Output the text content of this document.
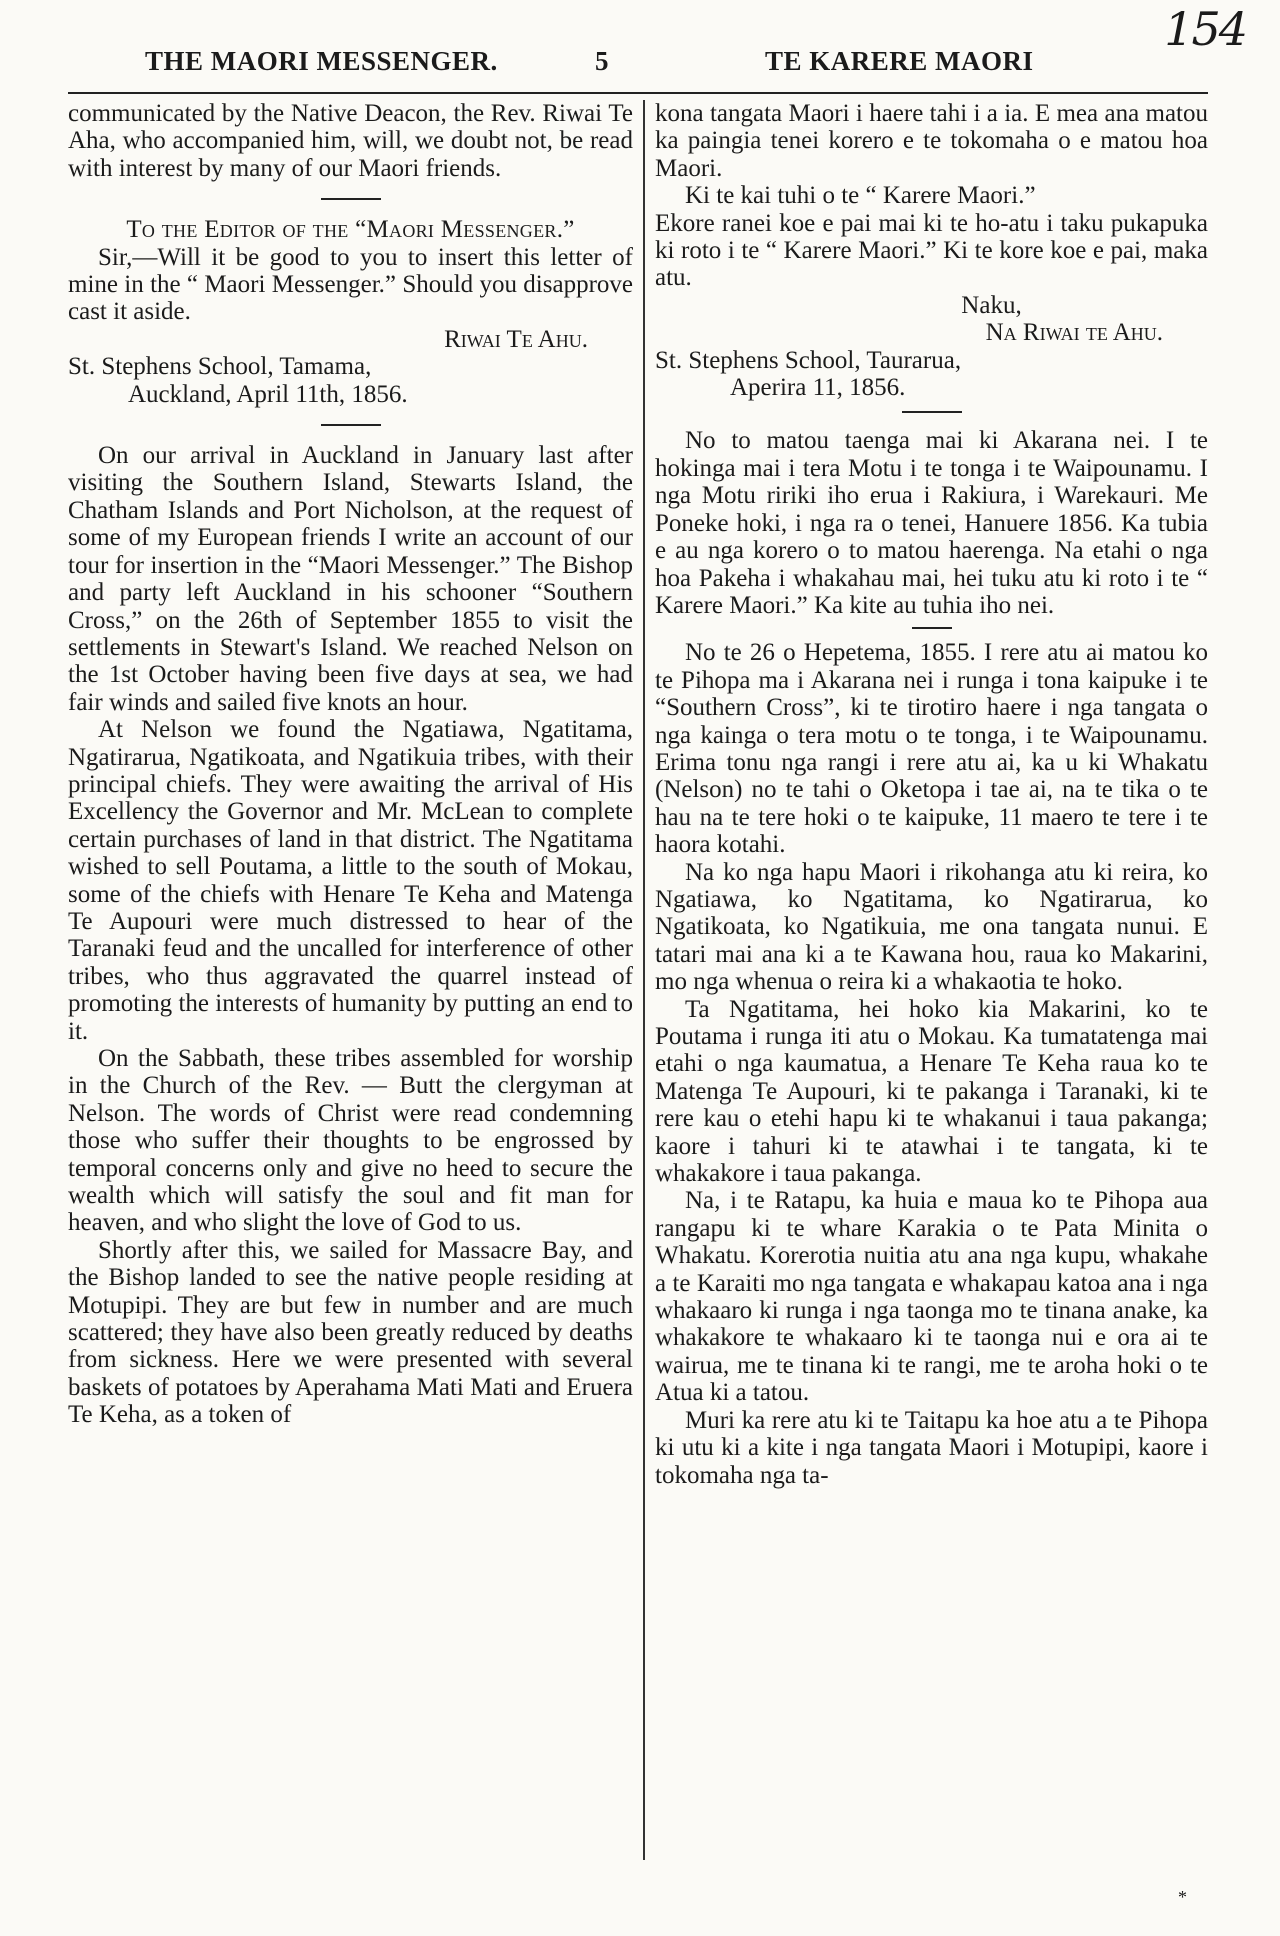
154
THE MAORI MESSENGER.	5	TE KARERE MAORI

communicated by the Native Deacon, the Rev. Riwai Te Aha, who accompanied him, will, we doubt not, be read with interest by many of our Maori friends.

To the Editor of the “Maori Messenger.”

Sir,—Will it be good to you to insert this letter of mine in the “ Maori Messenger.” Should you disapprove cast it aside.

Riwai Te Ahu.

St. Stephens School, Tamama,

Auckland, April 11th, 1856.

On our arrival in Auckland in January last after visiting the Southern Island, Stewarts Island, the Chatham Islands and Port Nicholson, at the request of some of my European friends I write an account of our tour for insertion in the “Maori Messenger.” The Bishop and party left Auckland in his schooner “Southern Cross,” on the 26th of September 1855 to visit the settlements in Stewart's Island. We reached Nelson on the 1st October having been five days at sea, we had fair winds and sailed five knots an hour.

At Nelson we found the Ngatiawa, Ngatitama, Ngatirarua, Ngatikoata, and Ngatikuia tribes, with their principal chiefs. They were awaiting the arrival of His Excellency the Governor and Mr. McLean to complete certain purchases of land in that district. The Ngatitama wished to sell Poutama, a little to the south of Mokau, some of the chiefs with Henare Te Keha and Matenga Te Aupouri were much distressed to hear of the Taranaki feud and the uncalled for interference of other tribes, who thus aggravated the quarrel instead of promoting the interests of humanity by putting an end to it.

On the Sabbath, these tribes assembled for worship in the Church of the Rev. — Butt the clergyman at Nelson. The words of Christ were read condemning those who suffer their thoughts to be engrossed by temporal concerns only and give no heed to secure the wealth which will satisfy the soul and fit man for heaven, and who slight the love of God to us.

Shortly after this, we sailed for Massacre Bay, and the Bishop landed to see the native people residing at Motupipi. They are but few in number and are much scattered; they have also been greatly reduced by deaths from sickness. Here we were presented with several baskets of potatoes by Aperahama Mati Mati and Eruera Te Keha, as a token of

kona tangata Maori i haere tahi i a ia. E mea ana matou ka paingia tenei korero e te tokomaha o e matou hoa Maori.

Ki te kai tuhi o te “ Karere Maori.”

Ekore ranei koe e pai mai ki te ho-atu i taku pukapuka ki roto i te “ Karere Maori.” Ki te kore koe e pai, maka atu.

Naku,

Na Riwai te Ahu.

St. Stephens School, Taurarua,

Aperira 11, 1856.

No to matou taenga mai ki Akarana nei. I te hokinga mai i tera Motu i te tonga i te Waipounamu. I nga Motu ririki iho erua i Rakiura, i Warekauri. Me Poneke hoki, i nga ra o tenei, Hanuere 1856. Ka tubia e au nga korero o to matou haerenga. Na etahi o nga hoa Pakeha i whakahau mai, hei tuku atu ki roto i te “ Karere Maori.” Ka kite au tuhia iho nei.

No te 26 o Hepetema, 1855. I rere atu ai matou ko te Pihopa ma i Akarana nei i runga i tona kaipuke i te “Southern Cross”, ki te tirotiro haere i nga tangata o nga kainga o tera motu o te tonga, i te Waipounamu. Erima tonu nga rangi i rere atu ai, ka u ki Whakatu (Nelson) no te tahi o Oketopa i tae ai, na te tika o te hau na te tere hoki o te kaipuke, 11 maero te tere i te haora kotahi.

Na ko nga hapu Maori i rikohanga atu ki reira, ko Ngatiawa, ko Ngatitama, ko Ngatirarua, ko Ngatikoata, ko Ngatikuia, me ona tangata nunui. E tatari mai ana ki a te Kawana hou, raua ko Makarini, mo nga whenua o reira ki a whakaotia te hoko.

Ta Ngatitama, hei hoko kia Makarini, ko te Poutama i runga iti atu o Mokau. Ka tumatatenga mai etahi o nga kaumatua, a Henare Te Keha raua ko te Matenga Te Aupouri, ki te pakanga i Taranaki, ki te rere kau o etehi hapu ki te whakanui i taua pakanga; kaore i tahuri ki te atawhai i te tangata, ki te whakakore i taua pakanga.

Na, i te Ratapu, ka huia e maua ko te Pihopa aua rangapu ki te whare Karakia o te Pata Minita o Whakatu. Korerotia nuitia atu ana nga kupu, whakahe a te Karaiti mo nga tangata e whakapau katoa ana i nga whakaaro ki runga i nga taonga mo te tinana anake, ka whakakore te whakaaro ki te taonga nui e ora ai te wairua, me te tinana ki te rangi, me te aroha hoki o te Atua ki a tatou.

Muri ka rere atu ki te Taitapu ka hoe atu a te Pihopa ki utu ki a kite i nga tangata Maori i Motupipi, kaore i tokomaha nga ta-

*
